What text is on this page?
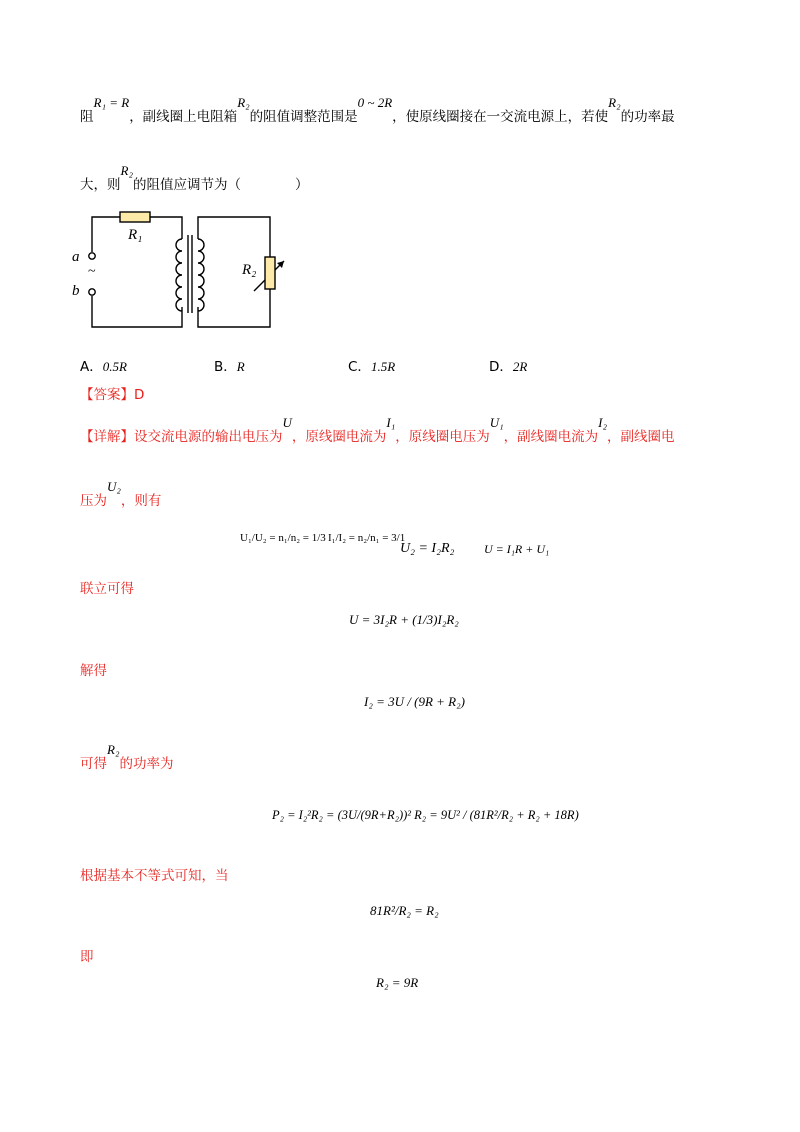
阻R₁ = R，副线圈上电阻箱R₂的阻值调整范围是0 ~ 2R，使原线圈接在一交流电源上，若使R₂的功率最
大，则R₂的阻值应调节为（　　　　）
a
~
b
R₁
R₂
A．0.5R	B．R	C．1.5R	D．2R
【答案】D
【详解】设交流电源的输出电压为U，原线圈电流为I₁，原线圈电压为U₁，副线圈电流为I₂，副线圈电
压为U₂，则有
U₁/U₂ = n₁/n₂ = 1/3 I₁/I₂ = n₂/n₁ = 3/1
U₂ = I₂R₂ U = I₁R + U₁
联立可得
U = 3I₂R + (1/3)I₂R₂
解得
I₂ = 3U / (9R + R₂)
可得R₂的功率为
P₂ = I₂²R₂ = (3U/(9R+R₂))² R₂ = 9U² / (81R²/R₂ + R₂ + 18R)
根据基本不等式可知，当
81R²/R₂ = R₂
即
R₂ = 9R
